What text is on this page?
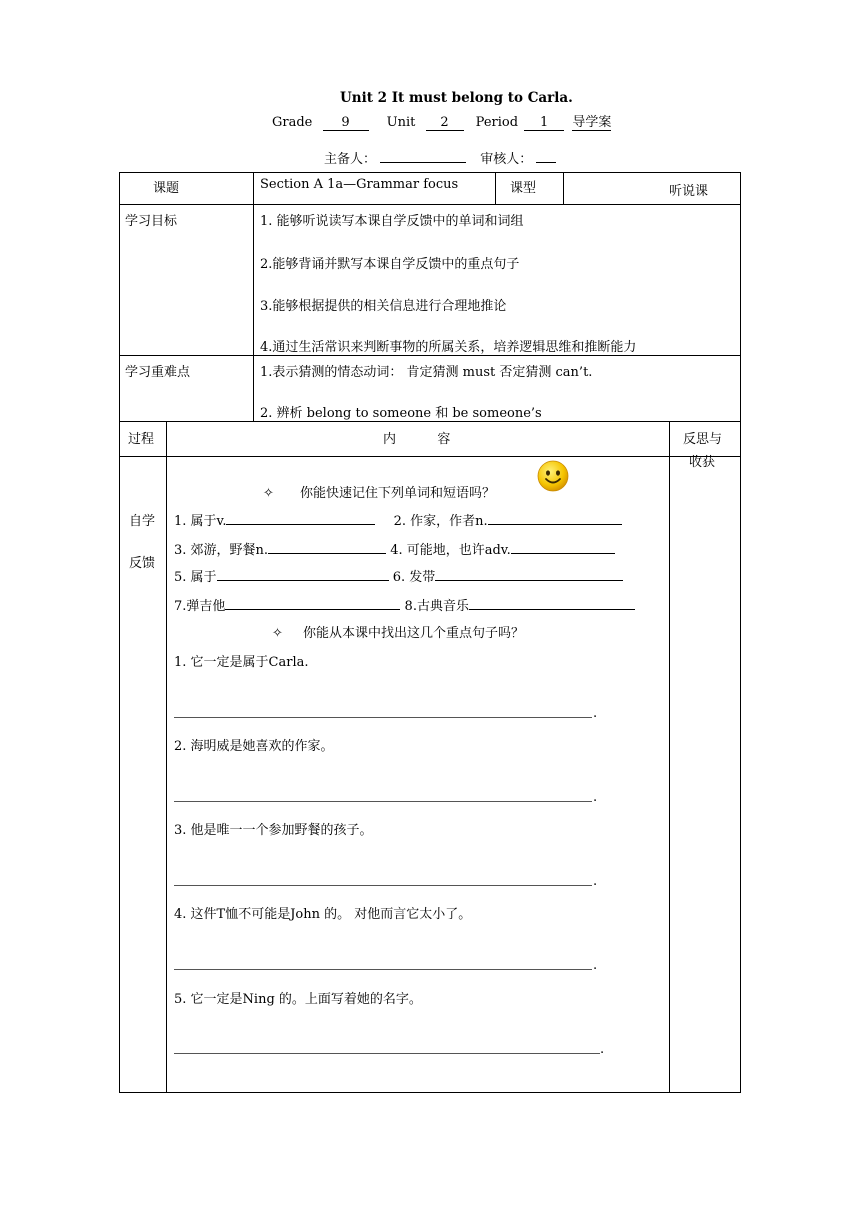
Unit 2 It must belong to Carla.
Grade 9	Unit 2 Period 1 导学案
主备人：	审核人：
课题	Section A 1a—Grammar focus	课型	听说课
学习目标	1. 能够听说读写本课自学反馈中的单词和词组
2.能够背诵并默写本课自学反馈中的重点句子
3.能够根据提供的相关信息进行合理地推论
4.通过生活常识来判断事物的所属关系，培养逻辑思维和推断能力
学习重难点	1.表示猜测的情态动词： 肯定猜测 must 否定猜测 can’t.
2. 辨析 belong to someone 和 be someone’s
过程	内          容	反思与
收获
自学
反馈
✧ 你能快速记住下列单词和短语吗？
1. 属于v.	2. 作家，作者n.
3. 郊游，野餐n.	4. 可能地，也许adv.
5. 属于	6. 发带
7.弹吉他	8.古典音乐
✧ 你能从本课中找出这几个重点句子吗？
1. 它一定是属于Carla.
.
2. 海明威是她喜欢的作家。
.
3. 他是唯一一个参加野餐的孩子。
.
4. 这件T恤不可能是John 的。 对他而言它太小了。
.
5. 它一定是Ning 的。上面写着她的名字。
.
